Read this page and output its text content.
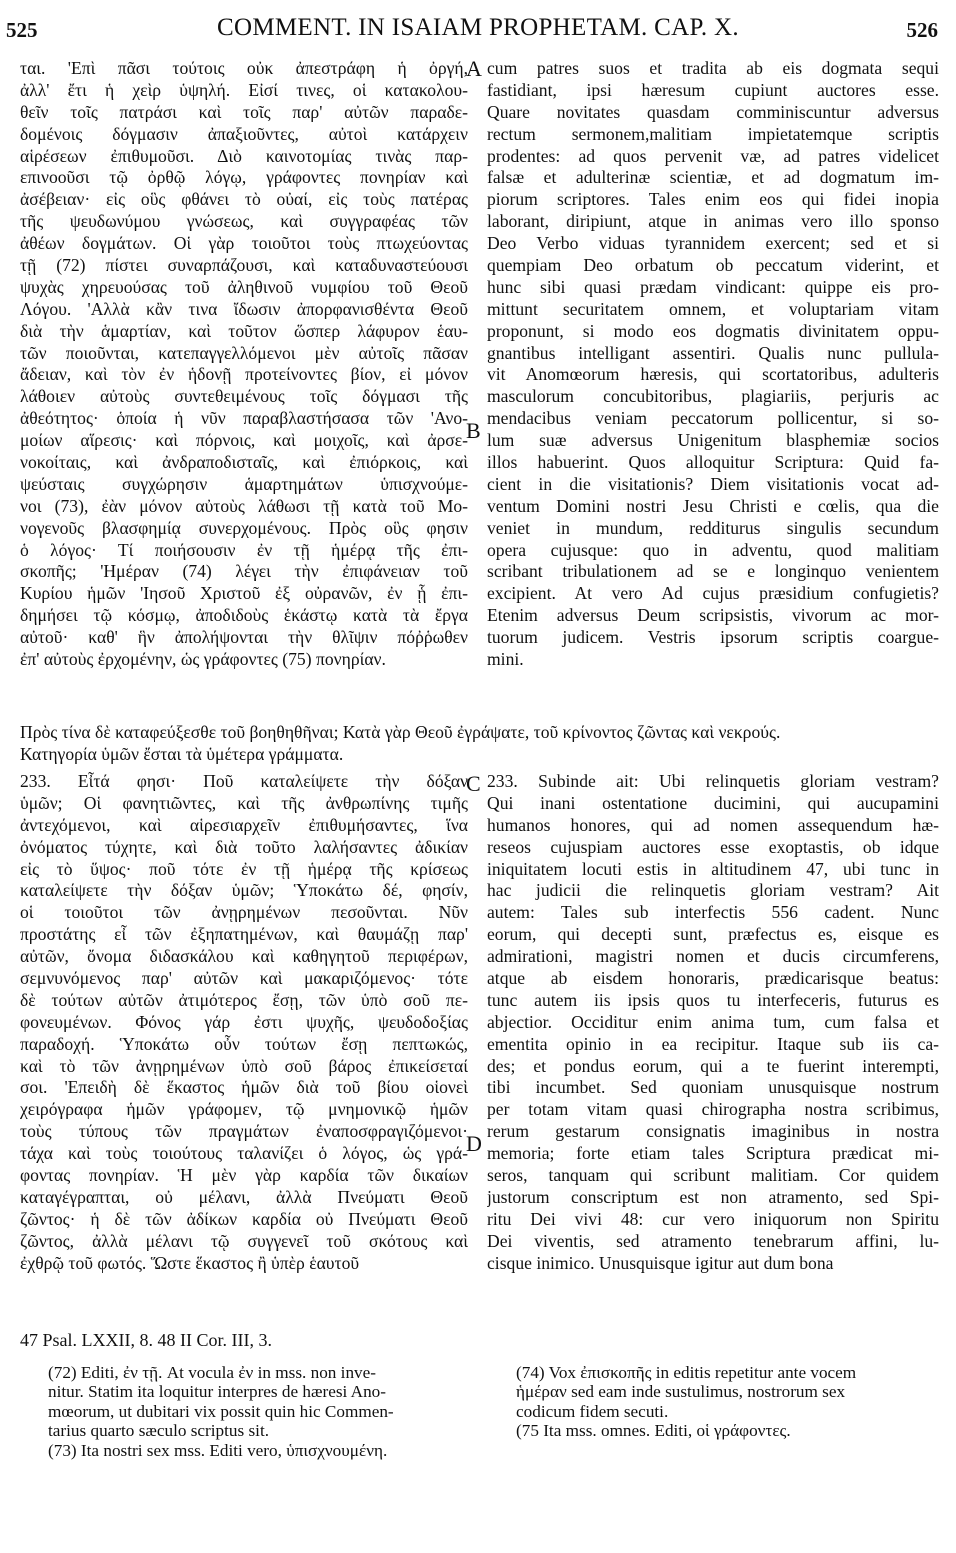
525	COMMENT. IN ISAIAM PROPHETAM. CAP. X.	526
A
B
C
D
ται. 'Επὶ πᾶσι τούτοις οὐκ ἀπεστράφη ἡ ὀργή,
ἀλλ' ἔτι ἡ χεὶρ ὑψηλή. Εἰσί τινες, οἱ κατακολου-
θεῖν τοῖς πατράσι καὶ τοῖς παρ' αὐτῶν παραδε-
δομένοις δόγμασιν ἀπαξιοῦντες, αὐτοὶ κατάρχειν
αἱρέσεων ἐπιθυμοῦσι. Διὸ καινοτομίας τινὰς παρ-
επινοοῦσι τῷ ὀρθῷ λόγῳ, γράφοντες πονηρίαν καὶ
ἀσέβειαν· εἰς οὓς φθάνει τὸ οὐαί, εἰς τοὺς πατέρας
τῆς ψευδωνύμου γνώσεως, καὶ συγγραφέας τῶν
ἀθέων δογμάτων. Οἱ γὰρ τοιοῦτοι τοὺς πτωχεύοντας
τῇ (72) πίστει συναρπάζουσι, καὶ καταδυναστεύουσι
ψυχὰς χηρευούσας τοῦ ἀληθινοῦ νυμφίου τοῦ Θεοῦ
Λόγου. 'Αλλὰ κἂν τινα ἴδωσιν ἀπορφανισθέντα Θεοῦ
διὰ τὴν ἁμαρτίαν, καὶ τοῦτον ὥσπερ λάφυρον ἑαυ-
τῶν ποιοῦνται, κατεπαγγελλόμενοι μὲν αὐτοῖς πᾶσαν
ἄδειαν, καὶ τὸν ἐν ἡδονῇ προτείνοντες βίον, εἰ μόνον
λάθοιεν αὐτοὺς συντεθειμένους τοῖς δόγμασι τῆς
ἀθεότητος· ὁποία ἡ νῦν παραβλαστήσασα τῶν 'Ανο-
μοίων αἵρεσις· καὶ πόρνοις, καὶ μοιχοῖς, καὶ ἀρσε-
νοκοίταις, καὶ ἀνδραποδισταῖς, καὶ ἐπιόρκοις, καὶ
ψεύσταις συγχώρησιν ἁμαρτημάτων ὑπισχνούμε-
νοι (73), ἐὰν μόνον αὐτοὺς λάθωσι τῇ κατὰ τοῦ Μο-
νογενοῦς βλασφημίᾳ συνερχομένους. Πρὸς οὓς φησιν
ὁ λόγος· Τί ποιήσουσιν ἐν τῇ ἡμέρᾳ τῆς ἐπι-
σκοπῆς; 'Ημέραν (74) λέγει τὴν ἐπιφάνειαν τοῦ
Κυρίου ἡμῶν 'Ιησοῦ Χριστοῦ ἐξ οὐρανῶν, ἐν ᾗ ἐπι-
δημήσει τῷ κόσμῳ, ἀποδιδοὺς ἑκάστῳ κατὰ τὰ ἔργα
αὐτοῦ· καθ' ἣν ἀπολήψονται τὴν θλῖψιν πόῤῥωθεν
ἐπ' αὐτοὺς ἐρχομένην, ὡς γράφοντες (75) πονηρίαν.
cum patres suos et tradita ab eis dogmata sequi
fastidiant, ipsi hæresum cupiunt auctores esse.
Quare novitates quasdam comminiscuntur adversus
rectum sermonem,malitiam impietatemque scriptis
prodentes: ad quos pervenit væ, ad patres videlicet
falsæ et adulterinæ scientiæ, et ad dogmatum im-
piorum scriptores. Tales enim eos qui fidei inopia
laborant, diripiunt, atque in animas vero illo sponso
Deo Verbo viduas tyrannidem exercent; sed et si
quempiam Deo orbatum ob peccatum viderint, et
hunc sibi quasi prædam vindicant: quippe eis pro-
mittunt securitatem omnem, et voluptariam vitam
proponunt, si modo eos dogmatis divinitatem oppu-
gnantibus intelligant assentiri. Qualis nunc pullula-
vit Anomœorum hæresis, qui scortatoribus, adulteris
masculorum concubitoribus, plagiariis, perjuris ac
mendacibus veniam peccatorum pollicentur, si so-
lum suæ adversus Unigenitum blasphemiæ socios
illos habuerint. Quos alloquitur Scriptura: Quid fa-
cient in die visitationis? Diem visitationis vocat ad-
ventum Domini nostri Jesu Christi e cœlis, qua die
veniet in mundum, redditurus singulis secundum
opera cujusque: quo in adventu, quod malitiam
scribant tribulationem ad se e longinquo venientem
excipient. At vero Ad cujus præsidium confugietis?
Etenim adversus Deum scripsistis, vivorum ac mor-
tuorum judicem. Vestris ipsorum scriptis coargue-
mini.
Πρὸς τίνα δὲ καταφεύξεσθε τοῦ βοηθηθῆναι; Κατὰ γὰρ Θεοῦ ἐγράψατε, τοῦ κρίνοντος ζῶντας καὶ νεκρούς.
Κατηγορία ὑμῶν ἔσται τὰ ὑμέτερα γράμματα.
233. Εἶτά φησι· Ποῦ καταλείψετε τὴν δόξαν
ὑμῶν; Οἱ φανητιῶντες, καὶ τῆς ἀνθρωπίνης τιμῆς
ἀντεχόμενοι, καὶ αἱρεσιαρχεῖν ἐπιθυμήσαντες, ἵνα
ὀνόματος τύχητε, καὶ διὰ τοῦτο λαλήσαντες ἀδικίαν
εἰς τὸ ὕψος· ποῦ τότε ἐν τῇ ἡμέρᾳ τῆς κρίσεως
καταλείψετε τὴν δόξαν ὑμῶν; Ὑποκάτω δέ, φησίν,
οἱ τοιοῦτοι τῶν ἀνῃρημένων πεσοῦνται. Νῦν
προστάτης εἶ τῶν ἐξηπατημένων, καὶ θαυμάζῃ παρ'
αὐτῶν, ὄνομα διδασκάλου καὶ καθηγητοῦ περιφέρων,
σεμνυνόμενος παρ' αὐτῶν καὶ μακαριζόμενος· τότε
δὲ τούτων αὐτῶν ἀτιμότερος ἔσῃ, τῶν ὑπὸ σοῦ πε-
φονευμένων. Φόνος γάρ ἐστι ψυχῆς, ψευδοδοξίας
παραδοχή. Ὑποκάτω οὖν τούτων ἔσῃ πεπτωκώς,
καὶ τὸ τῶν ἀνῃρημένων ὑπὸ σοῦ βάρος ἐπικείσεταί
σοι. 'Επειδὴ δὲ ἕκαστος ἡμῶν διὰ τοῦ βίου οἱονεὶ
χειρόγραφα ἡμῶν γράφομεν, τῷ μνημονικῷ ἡμῶν
τοὺς τύπους τῶν πραγμάτων ἐναποσφραγιζόμενοι·
τάχα καὶ τοὺς τοιούτους ταλανίζει ὁ λόγος, ὡς γρά-
φοντας πονηρίαν. Ἡ μὲν γὰρ καρδία τῶν δικαίων
καταγέγραπται, οὐ μέλανι, ἀλλὰ Πνεύματι Θεοῦ
ζῶντος· ἡ δὲ τῶν ἀδίκων καρδία οὐ Πνεύματι Θεοῦ
ζῶντος, ἀλλὰ μέλανι τῷ συγγενεῖ τοῦ σκότους καὶ
ἐχθρῷ τοῦ φωτός. Ὥστε ἕκαστος ἢ ὑπὲρ ἑαυτοῦ
233. Subinde ait: Ubi relinquetis gloriam vestram?
Qui inani ostentatione ducimini, qui aucupamini
humanos honores, qui ad nomen assequendum hæ-
reseos cujuspiam auctores esse exoptastis, ob idque
iniquitatem locuti estis in altitudinem 47, ubi tunc in
hac judicii die relinquetis gloriam vestram? Ait
autem: Tales sub interfectis 556 cadent. Nunc
eorum, qui decepti sunt, præfectus es, eisque es
admirationi, magistri nomen et ducis circumferens,
atque ab eisdem honoraris, prædicarisque beatus:
tunc autem iis ipsis quos tu interfeceris, futurus es
abjectior. Occiditur enim anima tum, cum falsa et
ementita opinio in ea recipitur. Itaque sub iis ca-
des; et pondus eorum, qui a te fuerint interempti,
tibi incumbet. Sed quoniam unusquisque nostrum
per totam vitam quasi chirographa nostra scribimus,
rerum gestarum consignatis imaginibus in nostra
memoria; forte etiam tales Scriptura prædicat mi-
seros, tanquam qui scribunt malitiam. Cor quidem
justorum conscriptum est non atramento, sed Spi-
ritu Dei vivi 48: cur vero iniquorum non Spiritu
Dei viventis, sed atramento tenebrarum affini, lu-
cisque inimico. Unusquisque igitur aut dum bona
47 Psal. LXXII, 8. 48 II Cor. III, 3.
(72) Editi, ἐν τῇ. At vocula ἐν in mss. non inve-
nitur. Statim ita loquitur interpres de hæresi Ano-
mœorum, ut dubitari vix possit quin hic Commen-
tarius quarto sæculo scriptus sit.
(73) Ita nostri sex mss. Editi vero, ὑπισχνουμένη.
(74) Vox ἐπισκοπῆς in editis repetitur ante vocem
ἡμέραν sed eam inde sustulimus, nostrorum sex
codicum fidem secuti.
(75 Ita mss. omnes. Editi, οἱ γράφοντες.
